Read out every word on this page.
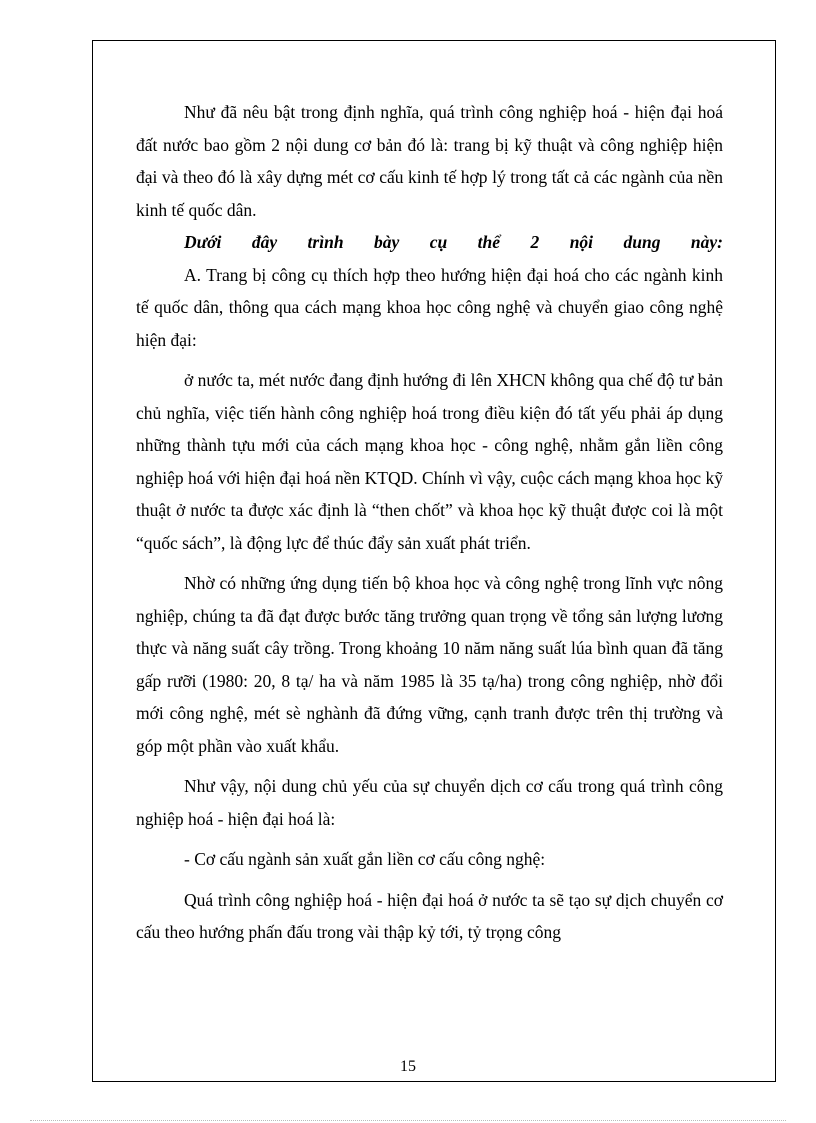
Như đã nêu bật trong định nghĩa, quá trình công nghiệp hoá - hiện đại hoá đất nước bao gồm 2 nội dung cơ bản đó là: trang bị kỹ thuật và công nghiệp hiện đại và theo đó là xây dựng mét cơ cấu kinh tế hợp lý trong tất cả các ngành của nền kinh tế quốc dân.

Dưới đây trình bày cụ thể 2 nội dung này:

A. Trang bị công cụ thích hợp theo hướng hiện đại hoá cho các ngành kinh tế quốc dân, thông qua cách mạng khoa học công nghệ và chuyển giao công nghệ hiện đại:

ở nước ta, mét nước đang định hướng đi lên XHCN không qua chế độ tư bản chủ nghĩa, việc tiến hành công nghiệp hoá trong điều kiện đó tất yếu phải áp dụng những thành tựu mới của cách mạng khoa học - công nghệ, nhằm gắn liền công nghiệp hoá với hiện đại hoá nền KTQD. Chính vì vậy, cuộc cách mạng khoa học kỹ thuật ở nước ta được xác định là “then chốt” và khoa học kỹ thuật được coi là một “quốc sách”, là động lực để thúc đẩy sản xuất phát triển.

Nhờ có những ứng dụng tiến bộ khoa học và công nghệ trong lĩnh vực nông nghiệp, chúng ta đã đạt được bước tăng trưởng quan trọng về tổng sản lượng lương thực và năng suất cây trồng. Trong khoảng 10 năm năng suất lúa bình quan đã tăng gấp rưỡi (1980: 20, 8 tạ/ ha và năm 1985 là 35 tạ/ha) trong công nghiệp, nhờ đổi mới công nghệ, mét sè nghành đã đứng vững, cạnh tranh được trên thị trường và góp một phần vào xuất khẩu.

Như vậy, nội dung chủ yếu của sự chuyển dịch cơ cấu trong quá trình công nghiệp hoá - hiện đại hoá là:

- Cơ cấu ngành sản xuất gắn liền cơ cấu công nghệ:

Quá trình công nghiệp hoá - hiện đại hoá ở nước ta sẽ tạo sự dịch chuyển cơ cấu theo hướng phấn đấu trong vài thập kỷ tới, tỷ trọng công

15
